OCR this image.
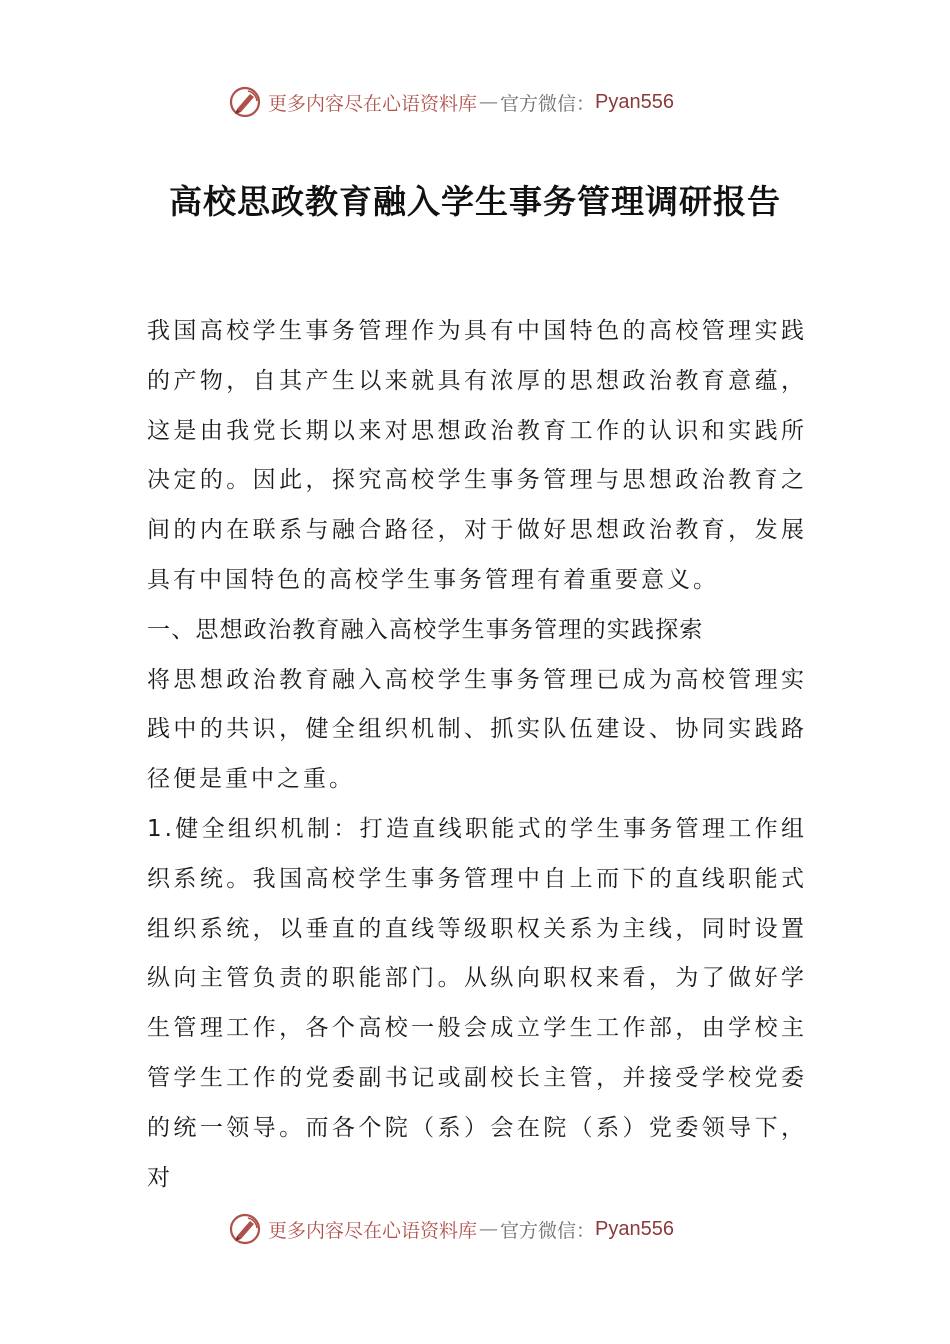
更多内容尽在心语资料库 — 官方微信： Pyan556
高校思政教育融入学生事务管理调研报告

我国高校学生事务管理作为具有中国特色的高校管理实践的产物，自其产生以来就具有浓厚的思想政治教育意蕴，这是由我党长期以来对思想政治教育工作的认识和实践所决定的。因此，探究高校学生事务管理与思想政治教育之间的内在联系与融合路径，对于做好思想政治教育，发展具有中国特色的高校学生事务管理有着重要意义。

一、思想政治教育融入高校学生事务管理的实践探索

将思想政治教育融入高校学生事务管理已成为高校管理实践中的共识，健全组织机制、抓实队伍建设、协同实践路径便是重中之重。

1.健全组织机制：打造直线职能式的学生事务管理工作组织系统。我国高校学生事务管理中自上而下的直线职能式组织系统，以垂直的直线等级职权关系为主线，同时设置纵向主管负责的职能部门。从纵向职权来看，为了做好学生管理工作，各个高校一般会成立学生工作部，由学校主管学生工作的党委副书记或副校长主管，并接受学校党委的统一领导。而各个院（系）会在院（系）党委领导下，对

更多内容尽在心语资料库 — 官方微信： Pyan556
